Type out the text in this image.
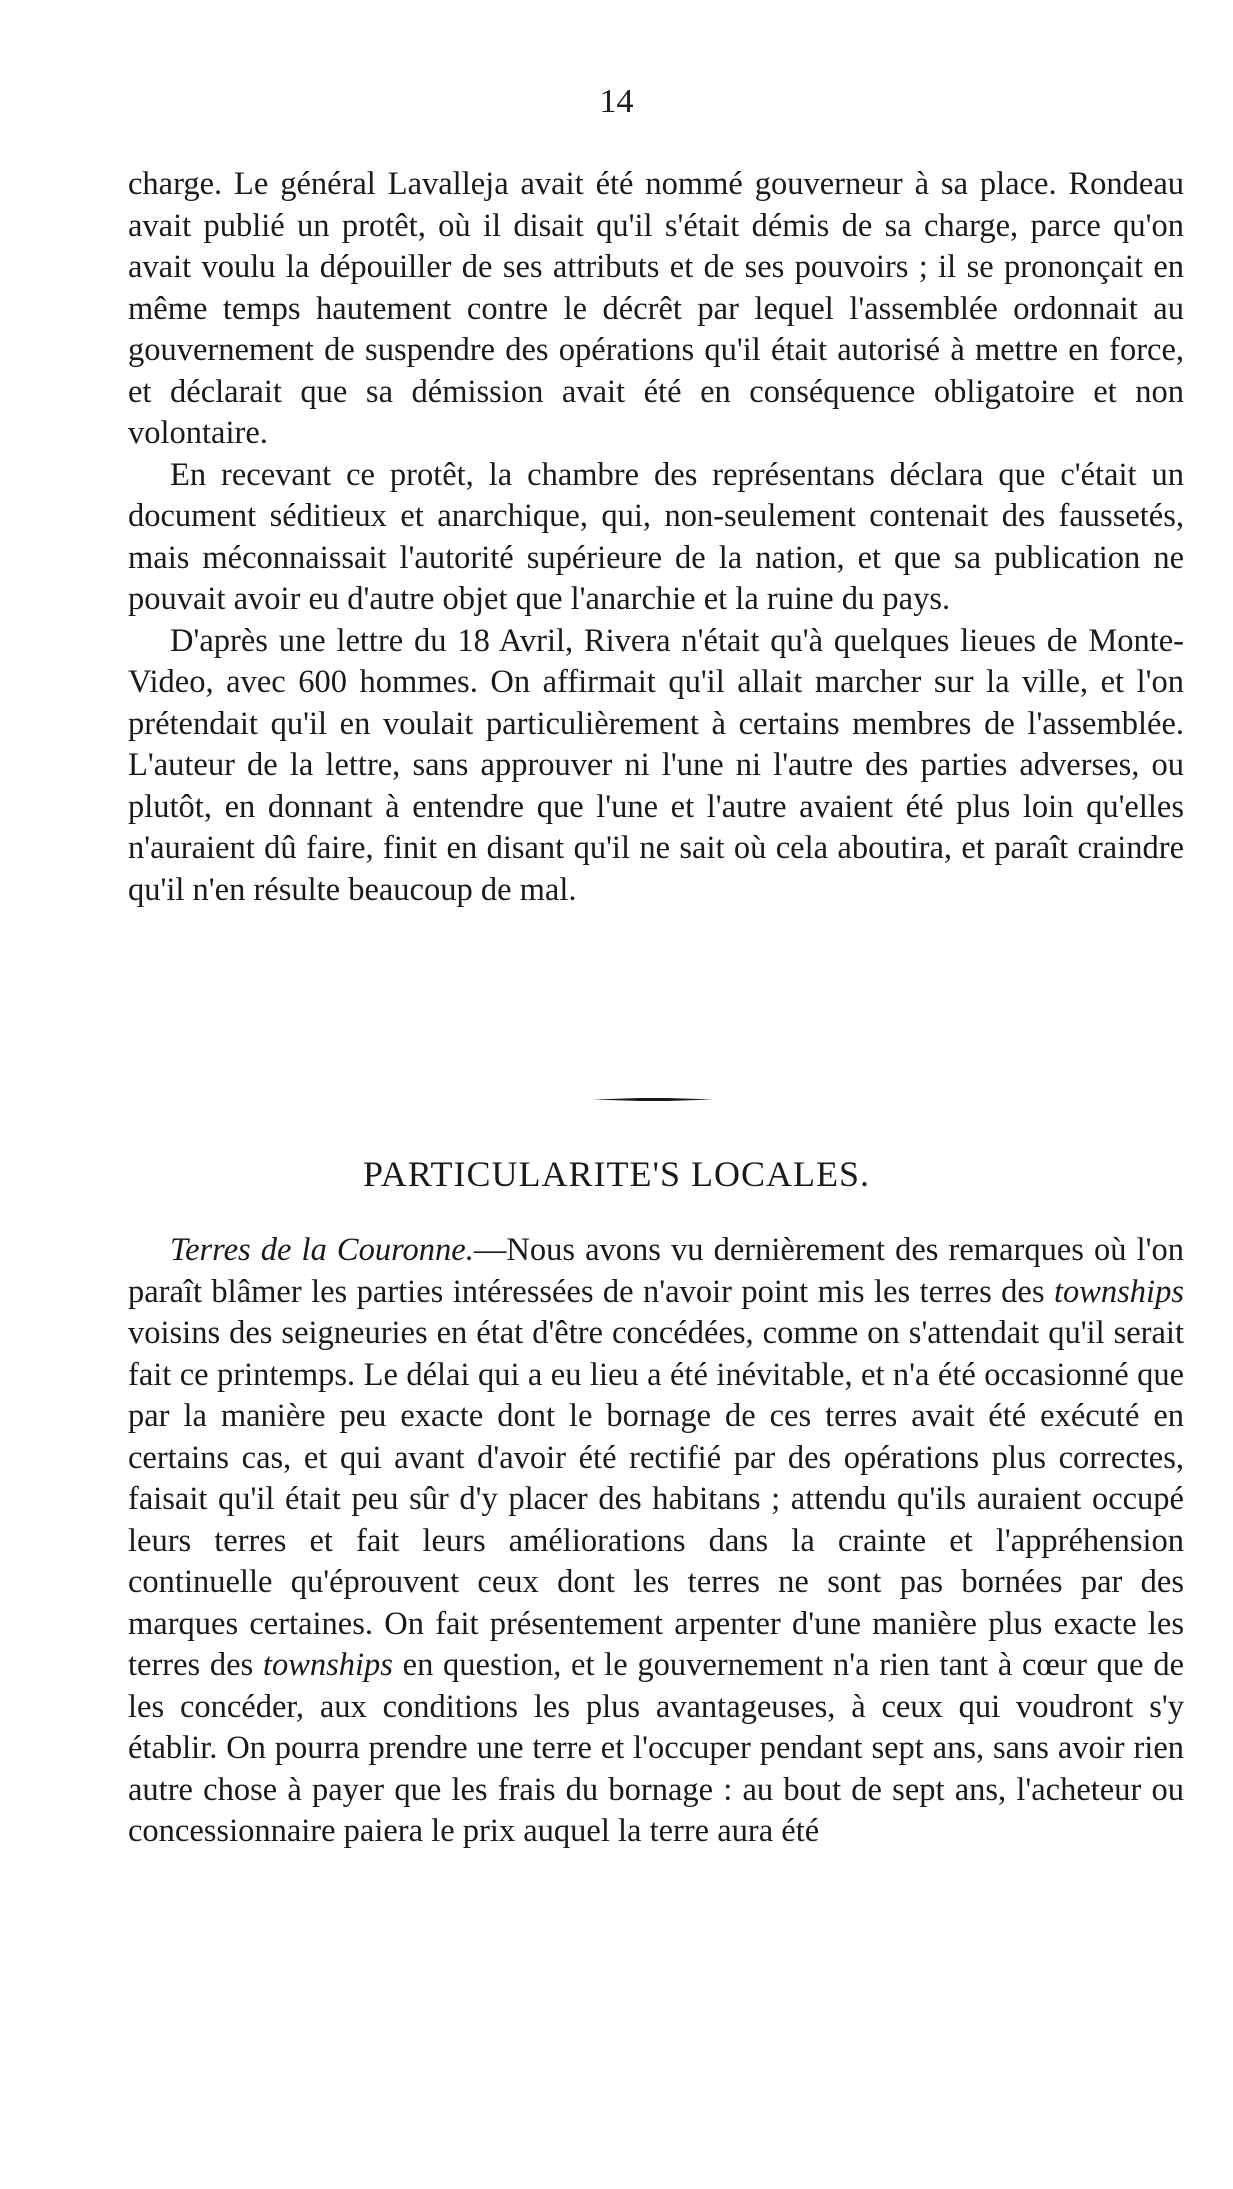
14

charge. Le général Lavalleja avait été nommé gouverneur à sa place. Rondeau avait publié un protêt, où il disait qu'il s'était démis de sa charge, parce qu'on avait voulu la dépouiller de ses attributs et de ses pouvoirs ; il se prononçait en même temps hautement contre le décrêt par lequel l'assemblée ordonnait au gouvernement de suspendre des opérations qu'il était autorisé à mettre en force, et déclarait que sa démission avait été en conséquence obligatoire et non volontaire.

En recevant ce protêt, la chambre des représentans déclara que c'était un document séditieux et anarchique, qui, non-seulement contenait des faussetés, mais méconnaissait l'autorité supérieure de la nation, et que sa publication ne pouvait avoir eu d'autre objet que l'anarchie et la ruine du pays.

D'après une lettre du 18 Avril, Rivera n'était qu'à quelques lieues de Monte-Video, avec 600 hommes. On affirmait qu'il allait marcher sur la ville, et l'on prétendait qu'il en voulait particulièrement à certains membres de l'assemblée. L'auteur de la lettre, sans approuver ni l'une ni l'autre des parties adverses, ou plutôt, en donnant à entendre que l'une et l'autre avaient été plus loin qu'elles n'auraient dû faire, finit en disant qu'il ne sait où cela aboutira, et paraît craindre qu'il n'en résulte beaucoup de mal.

PARTICULARITE'S LOCALES.

Terres de la Couronne.—Nous avons vu dernièrement des remarques où l'on paraît blâmer les parties intéressées de n'avoir point mis les terres des townships voisins des seigneuries en état d'être concédées, comme on s'attendait qu'il serait fait ce printemps. Le délai qui a eu lieu a été inévitable, et n'a été occasionné que par la manière peu exacte dont le bornage de ces terres avait été exécuté en certains cas, et qui avant d'avoir été rectifié par des opérations plus correctes, faisait qu'il était peu sûr d'y placer des habitans ; attendu qu'ils auraient occupé leurs terres et fait leurs améliorations dans la crainte et l'appréhension continuelle qu'éprouvent ceux dont les terres ne sont pas bornées par des marques certaines. On fait présentement arpenter d'une manière plus exacte les terres des townships en question, et le gouvernement n'a rien tant à cœur que de les concéder, aux conditions les plus avantageuses, à ceux qui voudront s'y établir. On pourra prendre une terre et l'occuper pendant sept ans, sans avoir rien autre chose à payer que les frais du bornage : au bout de sept ans, l'acheteur ou concessionnaire paiera le prix auquel la terre aura été
